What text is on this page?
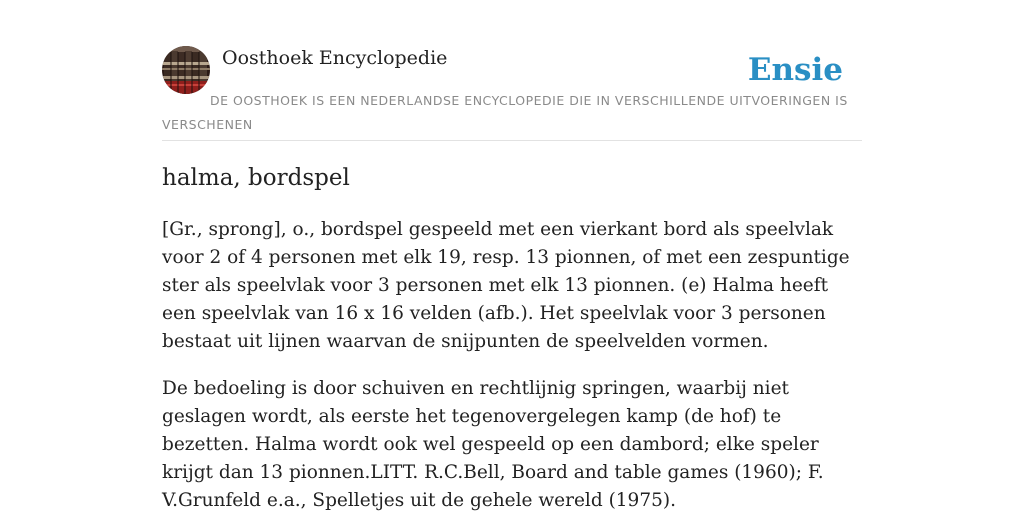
Oosthoek Encyclopedie	Ensie
DE OOSTHOEK IS EEN NEDERLANDSE ENCYCLOPEDIE DIE IN VERSCHILLENDE UITVOERINGEN IS VERSCHENEN
halma, bordspel

[Gr., sprong], o., bordspel gespeeld met een vierkant bord als speelvlak voor 2 of 4 personen met elk 19, resp. 13 pionnen, of met een zespuntige ster als speelvlak voor 3 personen met elk 13 pionnen. (e) Halma heeft een speelvlak van 16 x 16 velden (afb.). Het speelvlak voor 3 personen bestaat uit lijnen waarvan de snijpunten de speelvelden vormen.

De bedoeling is door schuiven en rechtlijnig springen, waarbij niet geslagen wordt, als eerste het tegenovergelegen kamp (de hof) te bezetten. Halma wordt ook wel gespeeld op een dambord; elke speler krijgt dan 13 pionnen.LITT. R.C.Bell, Board and table games (1960); F. V.Grunfeld e.a., Spelletjes uit de gehele wereld (1975).
